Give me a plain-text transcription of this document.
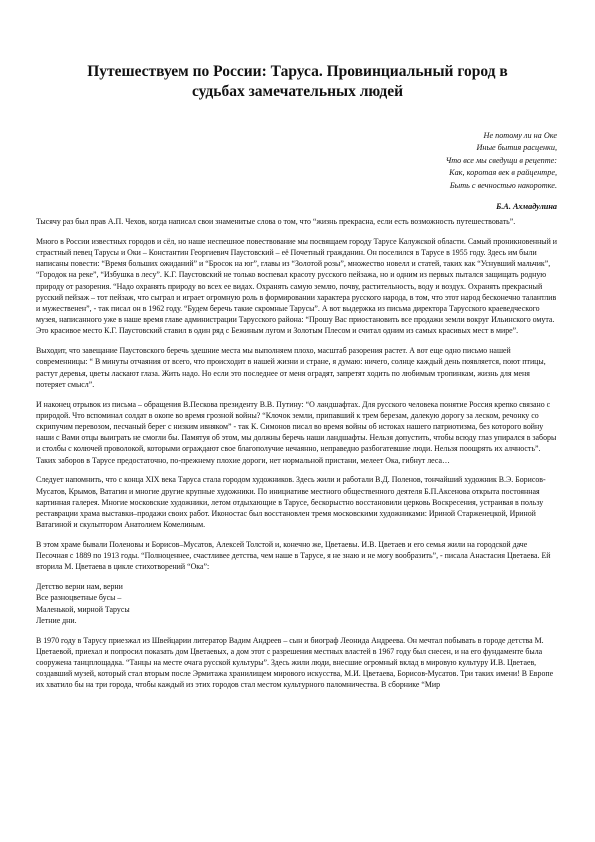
Путешествуем по России: Таруса. Провинциальный город в судьбах замечательных людей
Не потому ли на Оке
Иные бытия расценки,
Что все мы сведущи в рецепте:
Как, коротая век в райцентре,
Быть с вечностью накоротке.
Б.А. Ахмадулина

Тысячу раз был прав А.П. Чехов, когда написал свои знаменитые слова о том, что “жизнь прекрасна, если есть возможность путешествовать”.

Много в России известных городов и сёл, но наше неспешное повествование мы посвящаем городу Тарусе Калужской области. Самый проникновенный и страстный певец Тарусы и Оки – Константин Георгиевич Паустовский – её Почетный гражданин. Он поселился в Тарусе в 1955 году. Здесь им были написаны повести: “Время больших ожиданий” и “Бросок на юг”, главы из “Золотой розы”, множество новелл и статей, таких как “Уснувший мальчик”, “Городок на реке”, “Избушка в лесу”. К.Г. Паустовский не только воспевал красоту русского пейзажа, но и одним из первых пытался защищать родную природу от разорения. “Надо охранять природу во всех ее видах. Охранять самую землю, почву, растительность, воду и воздух. Охранять прекрасный русский пейзаж – тот пейзаж, что сыграл и играет огромную роль в формировании характера русского народа, в том, что этот народ бесконечно талантлив и мужественен”, - так писал он в 1962 году. “Будем беречь такие скромные Тарусы”. А вот выдержка из письма директора Тарусского краеведческого музея, написанного уже в наше время главе администрации Тарусского района: “Прошу Вас приостановить все продажи земли вокруг Ильинского омута. Это красивое место К.Г. Паустовский ставил в один ряд с Бежиным лугом и Золотым Плесом и считал одним из самых красивых мест в мире”.

Выходит, что завещание Паустовского беречь здешние места мы выполняем плохо, масштаб разорения растет. А вот еще одно письмо нашей современницы: “ В минуты отчаяния от всего, что происходит в нашей жизни и стране, я думаю: ничего, солнце каждый день появляется, поют птицы, растут деревья, цветы ласкают глаза. Жить надо. Но если это последнее от меня оградят, запретят ходить по любимым тропинкам, жизнь для меня потеряет смысл”.

И наконец отрывок из письма – обращения В.Пескова президенту В.В. Путину: “О ландшафтах. Для русского человека понятие Россия крепко связано с природой. Что вспоминал солдат в окопе во время грозной войны? “Клочок земли, припавший к трем березам, далекую дорогу за леском, речонку со скрипучим перевозом, песчаный берег с низким ивняком” - так К. Симонов писал во время войны об истоках нашего патриотизма, без которого войну наши с Вами отцы выиграть не смогли бы. Памятуя об этом, мы должны беречь наши ландшафты. Нельзя допустить, чтобы всюду глаз упирался в заборы и столбы с колючей проволокой, которыми ограждают свое благополучие нечаянно, неправедно разбогатевшие люди. Нельзя поощрять их алчность”. Таких заборов в Тарусе предостаточно, по-прежнему плохие дороги, нет нормальной пристани, мелеет Ока, гибнут леса…

Следует напомнить, что с конца XIX века Таруса стала городом художников. Здесь жили и работали В.Д. Поленов, тончайший художник В.Э. Борисов-Мусатов, Крымов, Ватагин и многие другие крупные художники. По инициативе местного общественного деятеля Б.П.Аксенова открыта постоянная картинная галерея. Многие московские художники, летом отдыхающие в Тарусе, бескорыстно восстановили церковь Воскресения, устраивая в пользу реставрации храма выставки–продажи своих работ. Иконостас был восстановлен тремя московскими художниками: Ириной Старженецкой, Ириной Ватагиной и скульптором Анатолием Комелиным.

В этом храме бывали Поленовы и Борисов–Мусатов, Алексей Толстой и, конечно же, Цветаевы. И.В. Цветаев и его семья жили на городской даче Песочная с 1889 по 1913 годы. “Полноценнее, счастливее детства, чем наше в Тарусе, я не знаю и не могу вообразить”, - писала Анастасия Цветаева. Ей вторила М. Цветаева в цикле стихотворений “Ока”:

Детство верни нам, верни
Все разноцветные бусы –
Маленькой, мирной Тарусы
Летние дни.

В 1970 году в Тарусу приезжал из Швейцарии литератор Вадим Андреев – сын и биограф Леонида Андреева. Он мечтал побывать в городе детства М. Цветаевой, приехал и попросил показать дом Цветаевых, а дом этот с разрешения местных властей в 1967 году был снесен, и на его фундаменте была сооружена танцплощадка. “Танцы на месте очага русской культуры”. Здесь жили люди, внесшие огромный вклад в мировую культуру И.В. Цветаев, создавший музей, который стал вторым после Эрмитажа хранилищем мирового искусства, М.И. Цветаева, Борисов-Мусатов. Три таких имени! В Европе их хватило бы на три города, чтобы каждый из этих городов стал местом культурного паломничества. В сборнике “Мир
